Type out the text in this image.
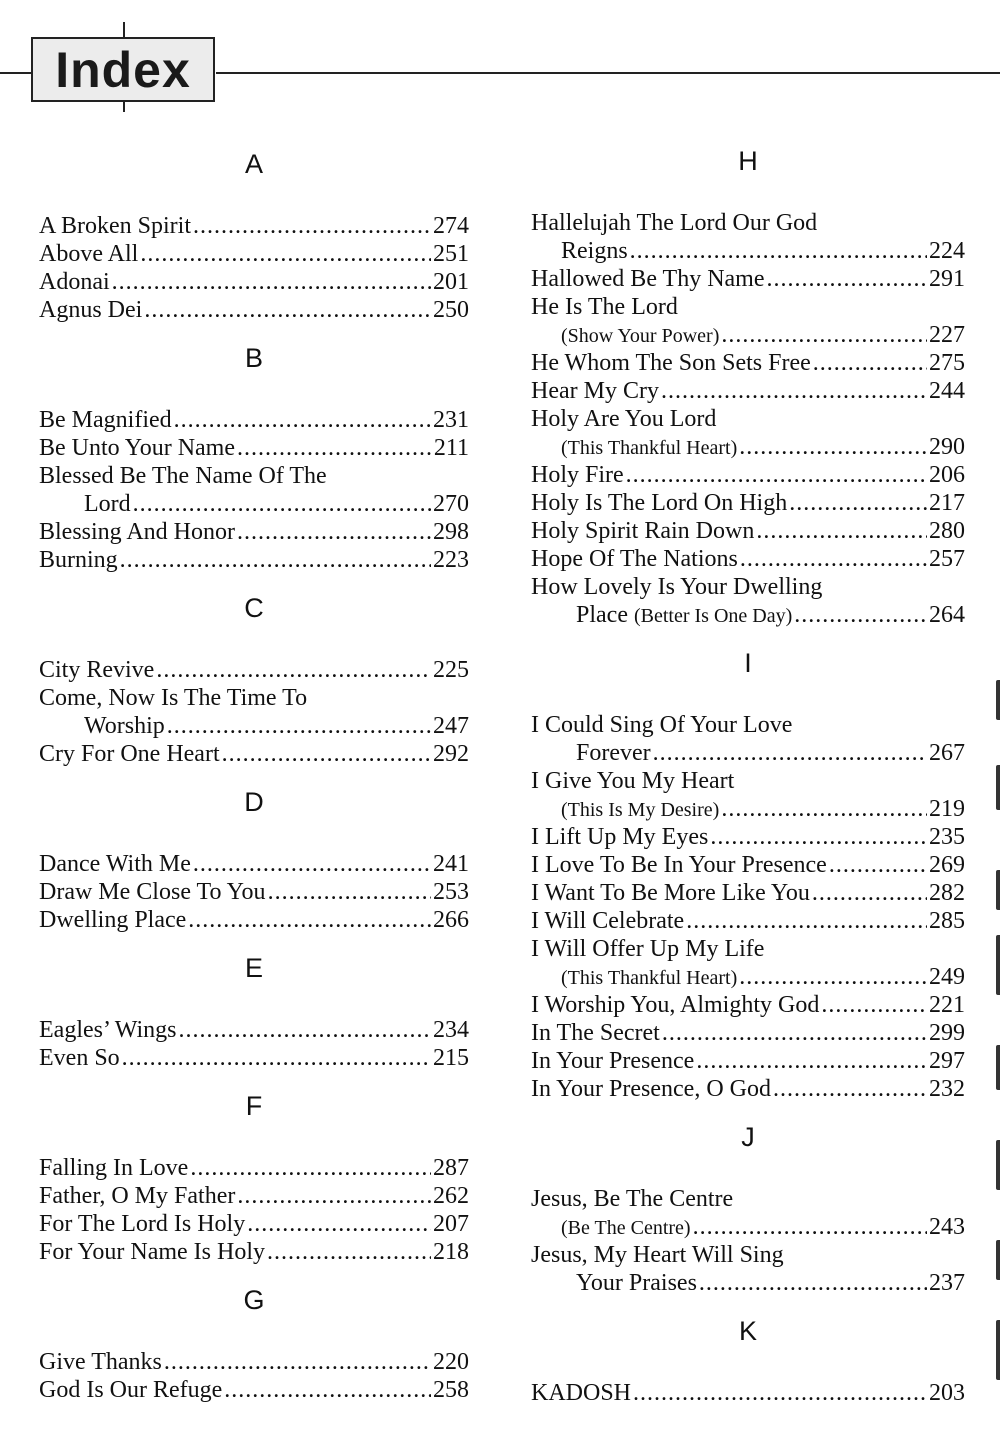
Index
A
A Broken Spirit .....	274
Above All .....	251
Adonai .....	201
Agnus Dei .....	250
B
Be Magnified .....	231
Be Unto Your Name .....	211
Blessed Be The Name Of The
Lord .....	270
Blessing And Honor .....	298
Burning .....	223
C
City Revive .....	225
Come, Now Is The Time To
Worship .....	247
Cry For One Heart .....	292
D
Dance With Me .....	241
Draw Me Close To You .....	253
Dwelling Place .....	266
E
Eagles’ Wings .....	234
Even So .....	215
F
Falling In Love .....	287
Father, O My Father .....	262
For The Lord Is Holy .....	207
For Your Name Is Holy .....	218
G
Give Thanks .....	220
God Is Our Refuge .....	258
H
Hallelujah The Lord Our God
Reigns .....	224
Hallowed Be Thy Name .....	291
He Is The Lord
(Show Your Power) .....	227
He Whom The Son Sets Free .....	275
Hear My Cry .....	244
Holy Are You Lord
(This Thankful Heart) .....	290
Holy Fire .....	206
Holy Is The Lord On High .....	217
Holy Spirit Rain Down .....	280
Hope Of The Nations .....	257
How Lovely Is Your Dwelling
Place
(Better Is One Day) .....	264
I
I Could Sing Of Your Love
Forever .....	267
I Give You My Heart
(This Is My Desire) .....	219
I Lift Up My Eyes .....	235
I Love To Be In Your Presence .....	269
I Want To Be More Like You .....	282
I Will Celebrate .....	285
I Will Offer Up My Life
(This Thankful Heart) .....	249
I Worship You, Almighty God .....	221
In The Secret .....	299
In Your Presence .....	297
In Your Presence, O God .....	232
J
Jesus, Be The Centre
(Be The Centre) .....	243
Jesus, My Heart Will Sing
Your Praises .....	237
K
KADOSH .....	203
